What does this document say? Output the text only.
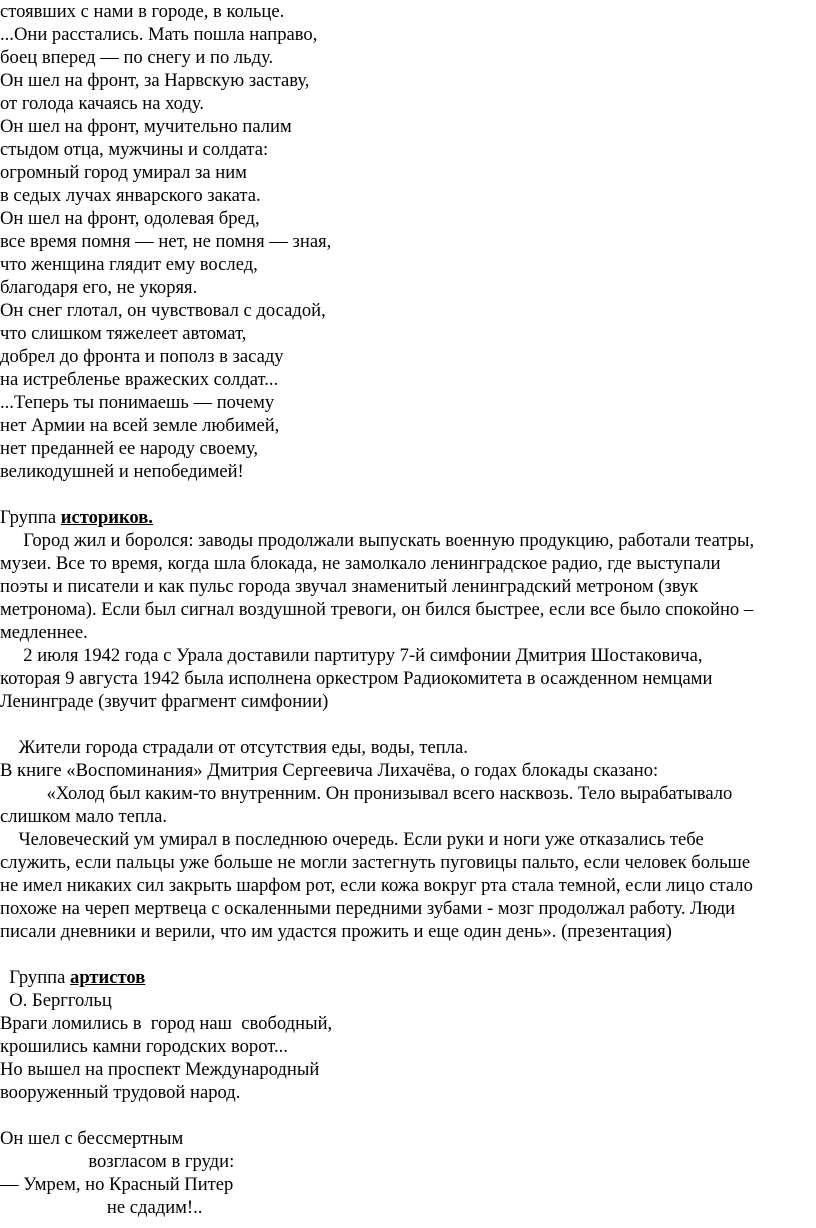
стоявших с нами в городе, в кольце.
...Они расстались. Мать пошла направо,
боец вперед — по снегу и по льду.
Он шел на фронт, за Нарвскую заставу,
от голода качаясь на ходу.
Он шел на фронт, мучительно палим
стыдом отца, мужчины и солдата:
огромный город умирал за ним
в седых лучах январского заката.
Он шел на фронт, одолевая бред,
все время помня — нет, не помня — зная,
что женщина глядит ему вослед,
благодаря его, не укоряя.
Он снег глотал, он чувствовал с досадой,
что слишком тяжелеет автомат,
добрел до фронта и пополз в засаду
на истребленье вражеских солдат...
...Теперь ты понимаешь — почему
нет Армии на всей земле любимей,
нет преданней ее народу своему,
великодушней и непобедимей!
Группа историков.
Город жил и боролся: заводы продолжали выпускать военную продукцию, работали театры,
музеи. Все то время, когда шла блокада, не замолкало ленинградское радио, где выступали
поэты и писатели и как пульс города звучал знаменитый ленинградский метроном (звук
метронома). Если был сигнал воздушной тревоги, он бился быстрее, если все было спокойно –
медленнее.
2 июля 1942 года с Урала доставили партитуру 7-й симфонии Дмитрия Шостаковича,
которая 9 августа 1942 была исполнена оркестром Радиокомитета в осажденном немцами
Ленинграде (звучит фрагмент симфонии)
Жители города страдали от отсутствия еды, воды, тепла.
В книге «Воспоминания» Дмитрия Сергеевича Лихачёва, о годах блокады сказано:
«Холод был каким-то внутренним. Он пронизывал всего насквозь. Тело вырабатывало
слишком мало тепла.
Человеческий ум умирал в последнюю очередь. Если руки и ноги уже отказались тебе
служить, если пальцы уже больше не могли застегнуть пуговицы пальто, если человек больше
не имел никаких сил закрыть шарфом рот, если кожа вокруг рта стала темной, если лицо стало
похоже на череп мертвеца с оскаленными передними зубами - мозг продолжал работу. Люди
писали дневники и верили, что им удастся прожить и еще один день». (презентация)
Группа артистов
О. Берггольц
Враги ломились в  город наш  свободный,
крошились камни городских ворот...
Но вышел на проспект Международный
вооруженный трудовой народ.
Он шел с бессмертным
возгласом в груди:
— Умрем, но Красный Питер
не сдадим!..
